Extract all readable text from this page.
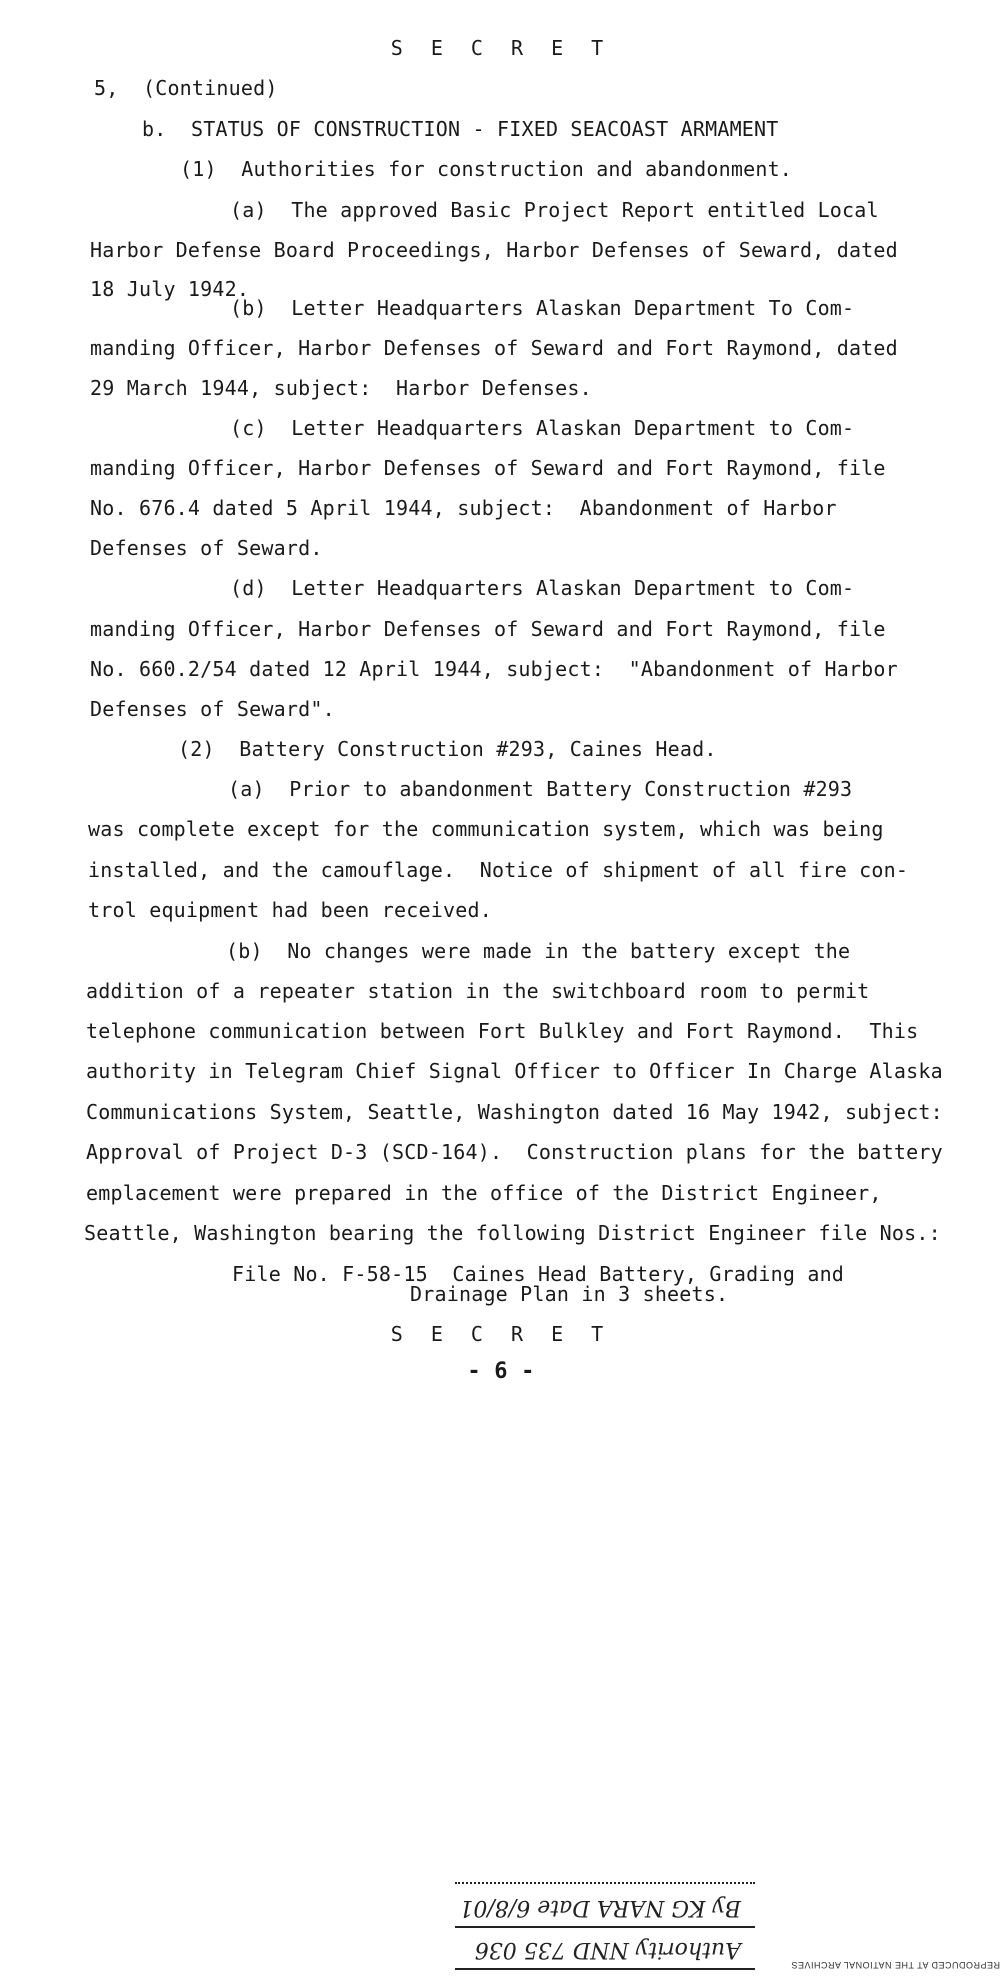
S E C R E T
5,  (Continued)
b.  STATUS OF CONSTRUCTION - FIXED SEACOAST ARMAMENT
(1)  Authorities for construction and abandonment.
(a)  The approved Basic Project Report entitled Local
Harbor Defense Board Proceedings, Harbor Defenses of Seward, dated
18 July 1942.
(b)  Letter Headquarters Alaskan Department To Com-
manding Officer, Harbor Defenses of Seward and Fort Raymond, dated
29 March 1944, subject:  Harbor Defenses.
(c)  Letter Headquarters Alaskan Department to Com-
manding Officer, Harbor Defenses of Seward and Fort Raymond, file
No. 676.4 dated 5 April 1944, subject:  Abandonment of Harbor
Defenses of Seward.
(d)  Letter Headquarters Alaskan Department to Com-
manding Officer, Harbor Defenses of Seward and Fort Raymond, file
No. 660.2/54 dated 12 April 1944, subject:  "Abandonment of Harbor
Defenses of Seward".
(2)  Battery Construction #293, Caines Head.
(a)  Prior to abandonment Battery Construction #293
was complete except for the communication system, which was being
installed, and the camouflage.  Notice of shipment of all fire con-
trol equipment had been received.
(b)  No changes were made in the battery except the
addition of a repeater station in the switchboard room to permit
telephone communication between Fort Bulkley and Fort Raymond.  This
authority in Telegram Chief Signal Officer to Officer In Charge Alaska
Communications System, Seattle, Washington dated 16 May 1942, subject:
Approval of Project D-3 (SCD-164).  Construction plans for the battery
emplacement were prepared in the office of the District Engineer,
Seattle, Washington bearing the following District Engineer file Nos.:
File No. F-58-15  Caines Head Battery, Grading and
Drainage Plan in 3 sheets.
S E C R E T
- 6 -
Authority NND 735 036
By KG NARA Date 6/8/01
REPRODUCED AT THE NATIONAL ARCHIVES
